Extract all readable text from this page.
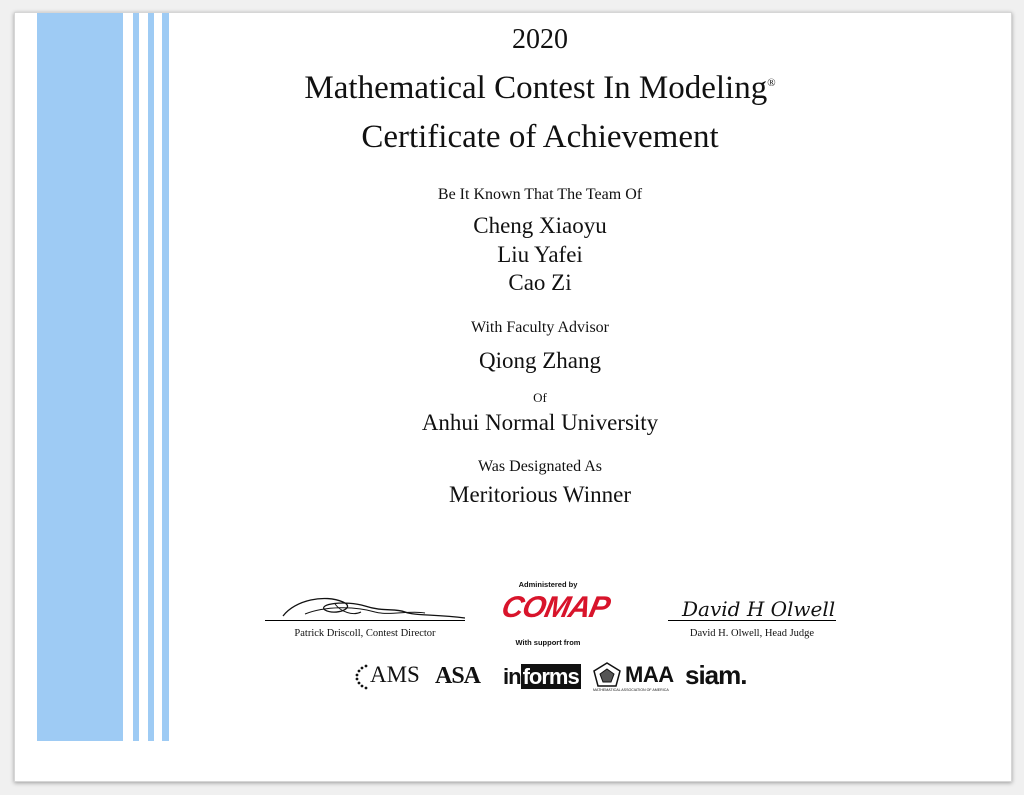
2020
Mathematical Contest In Modeling®
Certificate of Achievement
Be It Known That The Team Of
Cheng Xiaoyu
Liu Yafei
Cao Zi
With Faculty Advisor
Qiong Zhang
Of
Anhui Normal University
Was Designated As
Meritorious Winner
Patrick Driscoll, Contest Director
David H Olwell
David H. Olwell, Head Judge
Administered by
COMAP
With support from
AMS ASA informs MAA
MATHEMATICAL ASSOCIATION OF AMERICA siam.
